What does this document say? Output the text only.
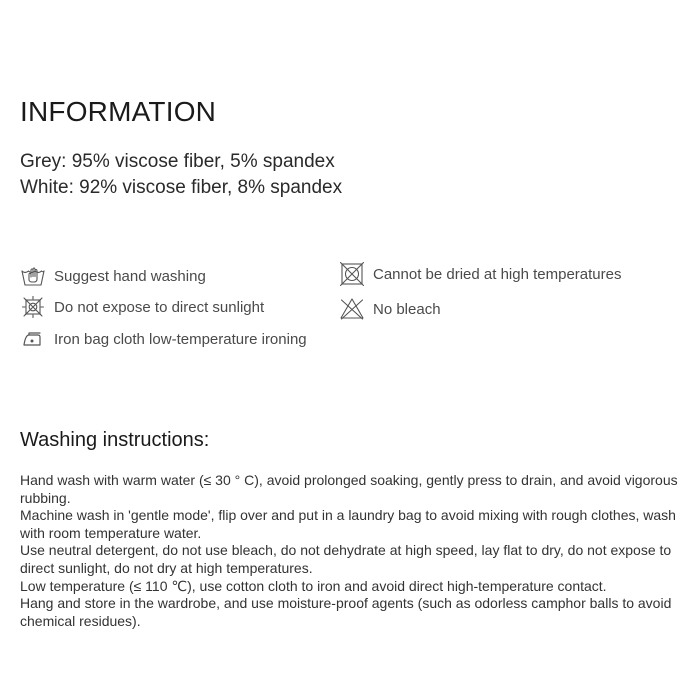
INFORMATION
Grey: 95% viscose fiber, 5% spandex
White: 92% viscose fiber, 8% spandex
Suggest hand washing
Do not expose to direct sunlight
Iron bag cloth low-temperature ironing
Cannot be dried at high temperatures
No bleach
Washing instructions:
Hand wash with warm water (≤ 30 ° C), avoid prolonged soaking, gently press to drain, and avoid vigorous rubbing.
Machine wash in 'gentle mode', flip over and put in a laundry bag to avoid mixing with rough clothes, wash with room temperature water.
Use neutral detergent, do not use bleach, do not dehydrate at high speed, lay flat to dry, do not expose to direct sunlight, do not dry at high temperatures.
Low temperature (≤ 110 ℃), use cotton cloth to iron and avoid direct high-temperature contact.
Hang and store in the wardrobe, and use moisture-proof agents (such as odorless camphor balls to avoid chemical residues).
